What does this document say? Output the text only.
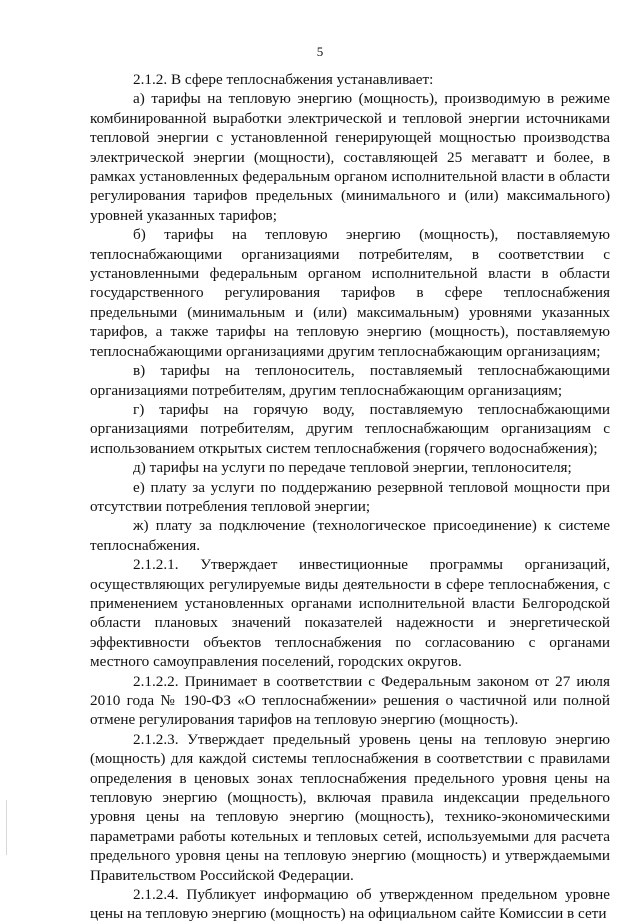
5

2.1.2. В сфере теплоснабжения устанавливает:

а) тарифы на тепловую энергию (мощность), производимую в режиме комбинированной выработки электрической и тепловой энергии источниками тепловой энергии с установленной генерирующей мощностью производства электрической энергии (мощности), составляющей 25 мегаватт и более, в рамках установленных федеральным органом исполнительной власти в области регулирования тарифов предельных (минимального и (или) максимального) уровней указанных тарифов;

б) тарифы на тепловую энергию (мощность), поставляемую теплоснабжающими организациями потребителям, в соответствии с установленными федеральным органом исполнительной власти в области государственного регулирования тарифов в сфере теплоснабжения предельными (минимальным и (или) максимальным) уровнями указанных тарифов, а также тарифы на тепловую энергию (мощность), поставляемую теплоснабжающими организациями другим теплоснабжающим организациям;

в) тарифы на теплоноситель, поставляемый теплоснабжающими организациями потребителям, другим теплоснабжающим организациям;

г) тарифы на горячую воду, поставляемую теплоснабжающими организациями потребителям, другим теплоснабжающим организациям с использованием открытых систем теплоснабжения (горячего водоснабжения);

д) тарифы на услуги по передаче тепловой энергии, теплоносителя;

е) плату за услуги по поддержанию резервной тепловой мощности при отсутствии потребления тепловой энергии;

ж) плату за подключение (технологическое присоединение) к системе теплоснабжения.

2.1.2.1. Утверждает инвестиционные программы организаций, осуществляющих регулируемые виды деятельности в сфере теплоснабжения, с применением установленных органами исполнительной власти Белгородской области плановых значений показателей надежности и энергетической эффективности объектов теплоснабжения по согласованию с органами местного самоуправления поселений, городских округов.

2.1.2.2. Принимает в соответствии с Федеральным законом от 27 июля 2010 года № 190-ФЗ «О теплоснабжении» решения о частичной или полной отмене регулирования тарифов на тепловую энергию (мощность).

2.1.2.3. Утверждает предельный уровень цены на тепловую энергию (мощность) для каждой системы теплоснабжения в соответствии с правилами определения в ценовых зонах теплоснабжения предельного уровня цены на тепловую энергию (мощность), включая правила индексации предельного уровня цены на тепловую энергию (мощность), технико-экономическими параметрами работы котельных и тепловых сетей, используемыми для расчета предельного уровня цены на тепловую энергию (мощность) и утверждаемыми Правительством Российской Федерации.

2.1.2.4. Публикует информацию об утвержденном предельном уровне цены на тепловую энергию (мощность) на официальном сайте Комиссии в сети
